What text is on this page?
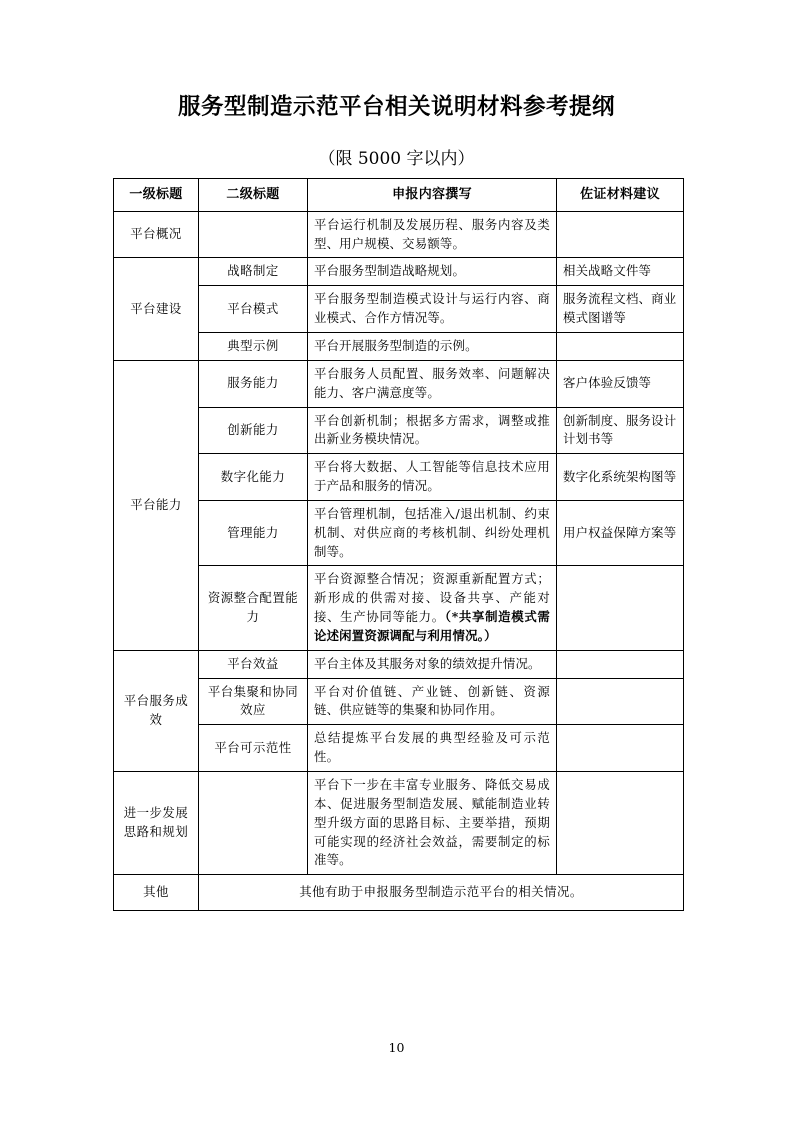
服务型制造示范平台相关说明材料参考提纲
（限 5000 字以内）
一级标题	二级标题	申报内容撰写	佐证材料建议
平台概况		平台运行机制及发展历程、服务内容及类型、用户规模、交易额等。	
平台建设	战略制定	平台服务型制造战略规划。	相关战略文件等
	平台模式	平台服务型制造模式设计与运行内容、商业模式、合作方情况等。	服务流程文档、商业模式图谱等
	典型示例	平台开展服务型制造的示例。	
平台能力	服务能力	平台服务人员配置、服务效率、问题解决能力、客户满意度等。	客户体验反馈等
	创新能力	平台创新机制；根据多方需求，调整或推出新业务模块情况。	创新制度、服务设计计划书等
	数字化能力	平台将大数据、人工智能等信息技术应用于产品和服务的情况。	数字化系统架构图等
	管理能力	平台管理机制，包括准入/退出机制、约束机制、对供应商的考核机制、纠纷处理机制等。	用户权益保障方案等
	资源整合配置能力	平台资源整合情况；资源重新配置方式；新形成的供需对接、设备共享、产能对接、生产协同等能力。（*共享制造模式需论述闲置资源调配与利用情况。）	
平台服务成效	平台效益	平台主体及其服务对象的绩效提升情况。	
	平台集聚和协同效应	平台对价值链、产业链、创新链、资源链、供应链等的集聚和协同作用。	
	平台可示范性	总结提炼平台发展的典型经验及可示范性。	
进一步发展思路和规划		平台下一步在丰富专业服务、降低交易成本、促进服务型制造发展、赋能制造业转型升级方面的思路目标、主要举措，预期可能实现的经济社会效益，需要制定的标准等。	
其他	其他有助于申报服务型制造示范平台的相关情况。		
10
